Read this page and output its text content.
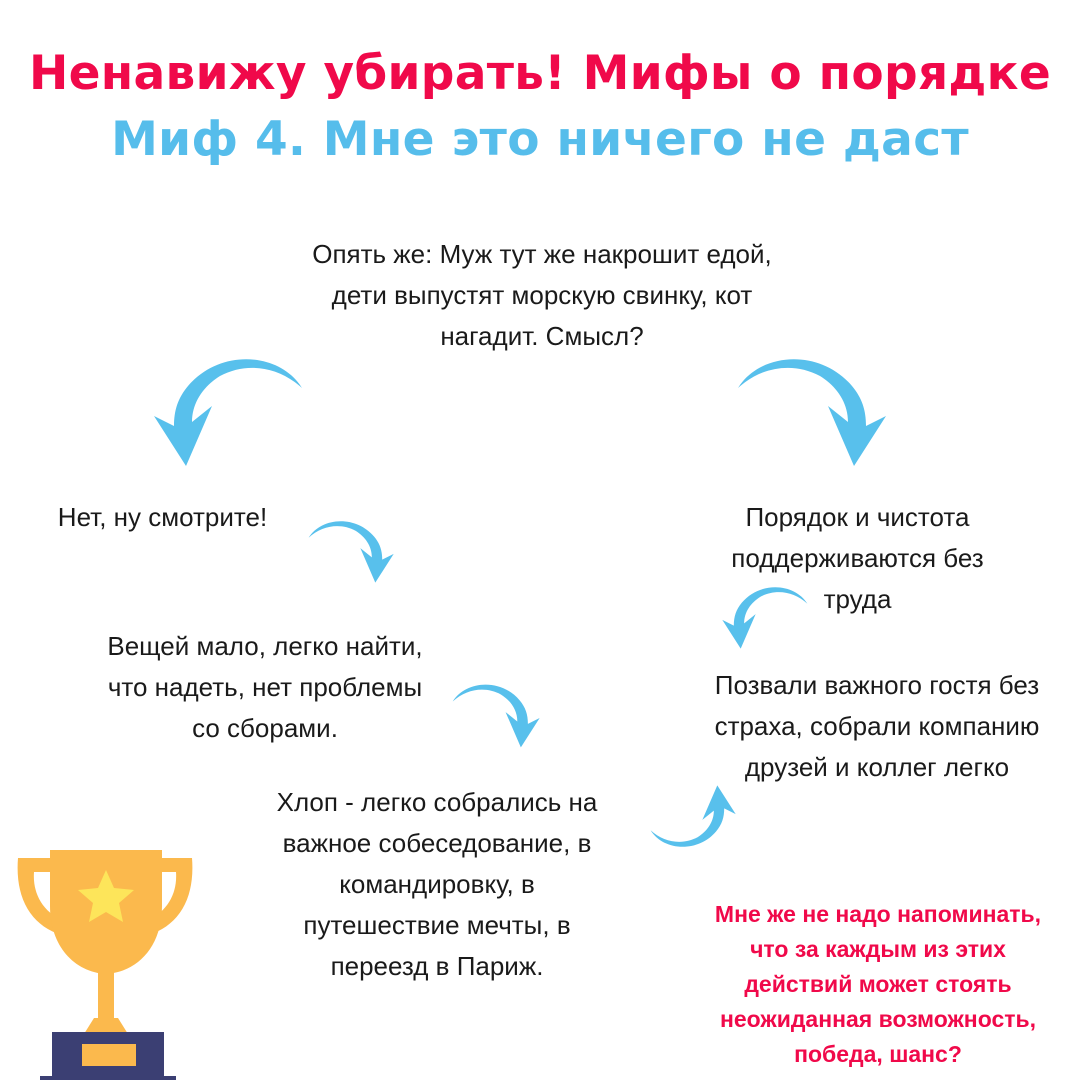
Ненавижу убирать! Мифы о порядке
Миф 4. Мне это ничего не даст

Опять же: Муж тут же накрошит едой,
дети выпустят морскую свинку, кот
нагадит. Смысл?

Нет, ну смотрите!	Порядок и чистота
поддерживаются без
труда

Вещей мало, легко найти,
что надеть, нет проблемы
со сборами.

Позвали важного гостя без
страха, собрали компанию
друзей и коллег легко

Хлоп - легко собрались на
важное собеседование, в
командировку, в
путешествие мечты, в
переезд в Париж.

Мне же не надо напоминать,
что за каждым из этих
действий может стоять
неожиданная возможность,
победа, шанс?
